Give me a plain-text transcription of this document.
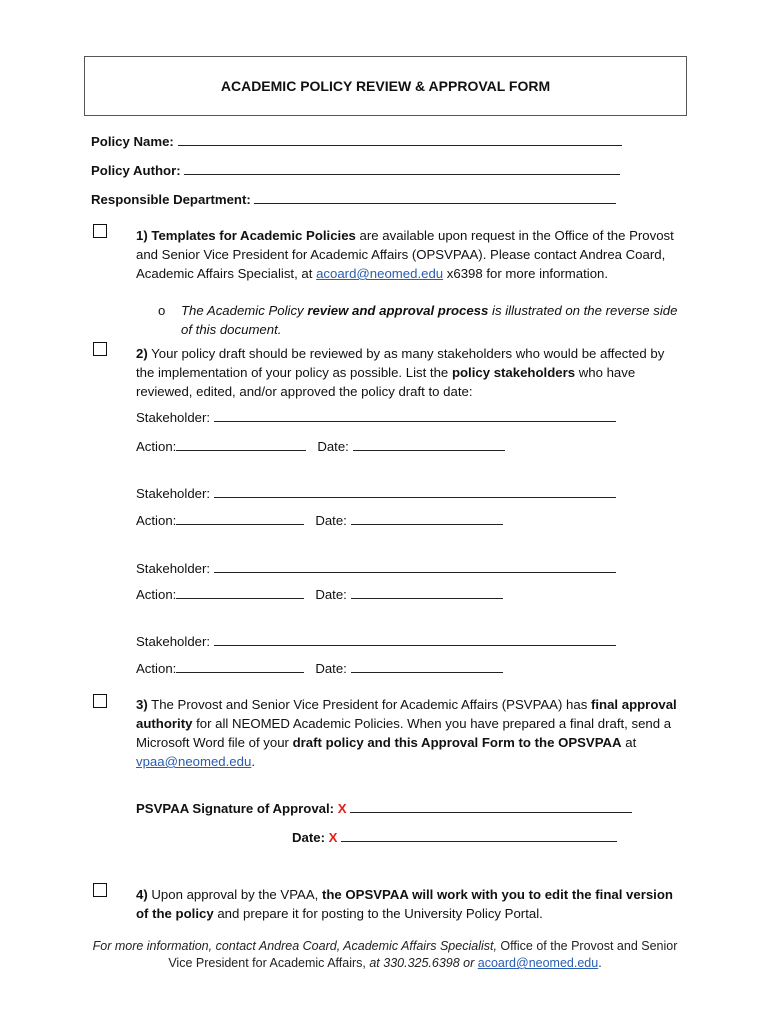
ACADEMIC POLICY REVIEW & APPROVAL FORM
Policy Name:
Policy Author:
Responsible Department:
1) Templates for Academic Policies are available upon request in the Office of the Provost and Senior Vice President for Academic Affairs (OPSVPAA). Please contact Andrea Coard, Academic Affairs Specialist, at acoard@neomed.edu x6398 for more information.
o The Academic Policy review and approval process is illustrated on the reverse side of this document.
2) Your policy draft should be reviewed by as many stakeholders who would be affected by the implementation of your policy as possible. List the policy stakeholders who have reviewed, edited, and/or approved the policy draft to date:
Stakeholder:
Action:	Date:
Stakeholder:
Action:	Date:
Stakeholder:
Action:	Date:
Stakeholder:
Action:	Date:
3) The Provost and Senior Vice President for Academic Affairs (PSVPAA) has final approval authority for all NEOMED Academic Policies. When you have prepared a final draft, send a Microsoft Word file of your draft policy and this Approval Form to the OPSVPAA at vpaa@neomed.edu.
PSVPAA Signature of Approval: X
Date: X
4) Upon approval by the VPAA, the OPSVPAA will work with you to edit the final version of the policy and prepare it for posting to the University Policy Portal.
For more information, contact Andrea Coard, Academic Affairs Specialist, Office of the Provost and Senior Vice President for Academic Affairs, at 330.325.6398 or acoard@neomed.edu.
